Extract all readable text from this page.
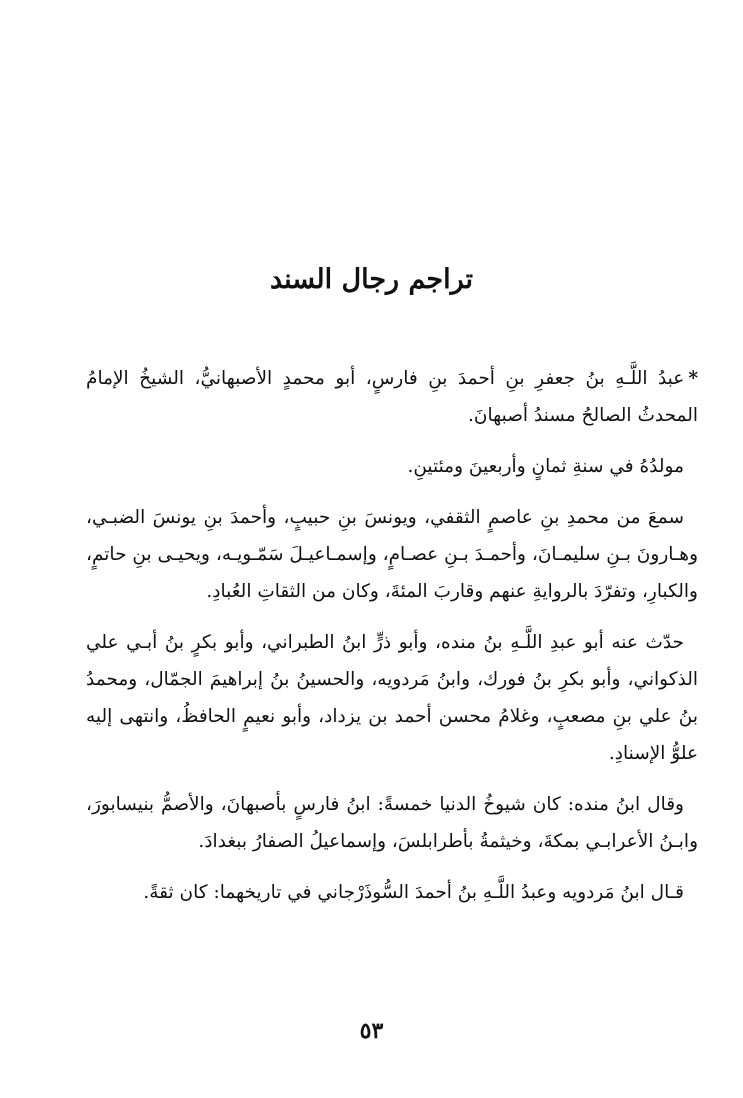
تراجم رجال السند

*عبدُ اللَّـهِ بنُ جعفرِ بنِ أحمدَ بنِ فارسٍ، أبو محمدٍ الأصبهانيُّ، الشيخُ الإمامُ المحدثُ الصالحُ مسندُ أصبهانَ.

مولدُهُ في سنةِ ثمانٍ وأربعينَ ومئتينِ.

سمعَ من محمدِ بنِ عاصمٍ الثقفي، ويونسَ بنِ حبيبٍ، وأحمدَ بنِ يونسَ الضبـي، وهـارونَ بـنِ سليمـانَ، وأحمـدَ بـنِ عصـامٍ، وإسمـاعيـلَ سَمّـويـه، ويحيـى بنِ حاتمٍ، والكبارِ، وتفرّدَ بالروايةِ عنهم وقاربَ المئةَ، وكان من الثقاتِ العُبادِ.

حدّث عنه أبو عبدِ اللَّـهِ بنُ منده، وأبو ذرٍّ ابنُ الطبراني، وأبو بكرٍ بنُ أبـي علي الذكواني، وأبو بكرِ بنُ فورك، وابنُ مَردويه، والحسينُ بنُ إبراهيمَ الجمّال، ومحمدُ بنُ علي بنِ مصعبٍ، وغلامُ محسن أحمد بن يزداد، وأبو نعيمٍ الحافظُ، وانتهى إليه علوُّ الإسنادِ.

وقال ابنُ منده: كان شيوخُ الدنيا خمسةً: ابنُ فارسٍ بأصبهانَ، والأصمُّ بنيسابورَ، وابـنُ الأعرابـي بمكةَ، وخيثمةُ بأطرابلسَ، وإسماعيلُ الصفارُ ببغدادَ.

قـال ابنُ مَردويه وعبدُ اللَّـهِ بنُ أحمدَ السُّوذَرْجاني في تاريخهما: كان ثقةً.

٥٣
